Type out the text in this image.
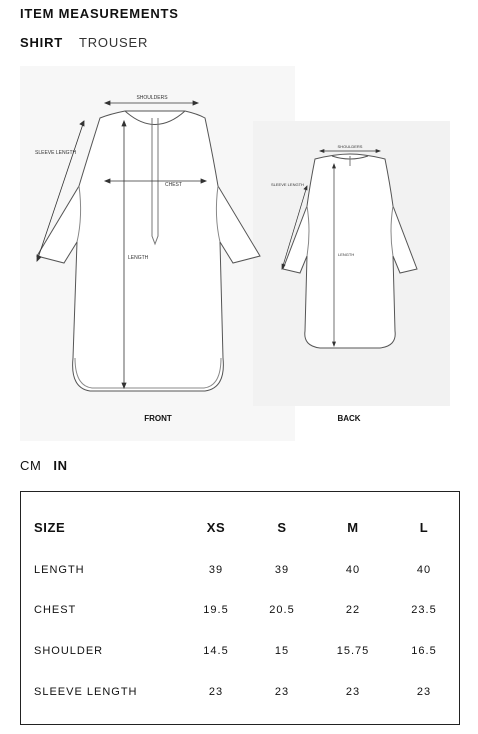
ITEM MEASUREMENTS
SHIRT TROUSER
SHOULDERS
SLEEVE LENGTH
CHEST
LENGTH
FRONT
SHOULDERS
SLEEVE LENGTH
LENGTH
BACK
CM IN
SIZE	XS	S	M	L
LENGTH	39	39	40	40
CHEST	19.5	20.5	22	23.5
SHOULDER	14.5	15	15.75	16.5
SLEEVE LENGTH	23	23	23	23
